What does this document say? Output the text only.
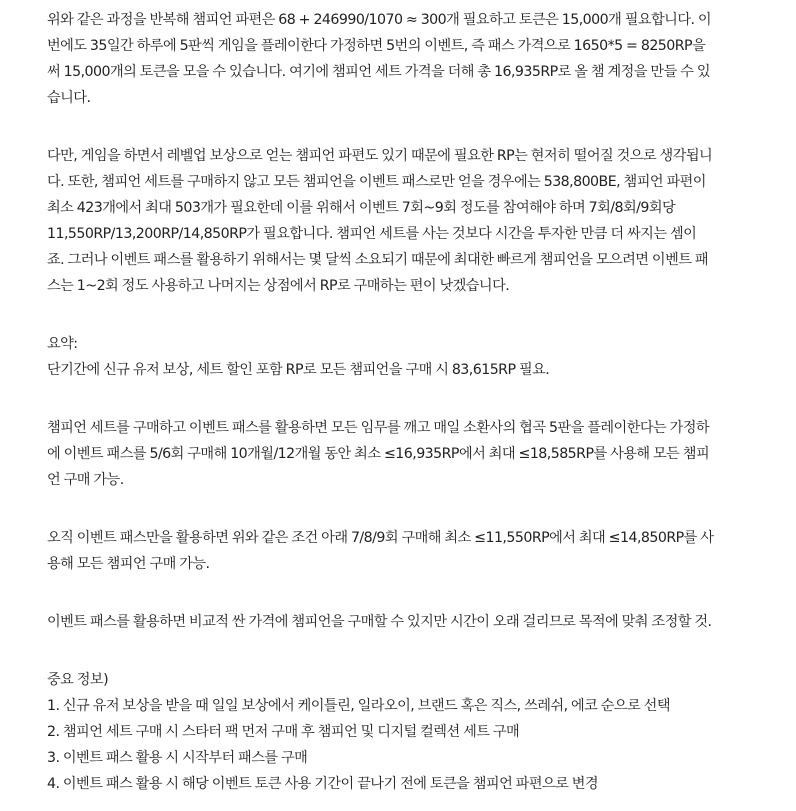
위와 같은 과정을 반복해 챔피언 파편은 68 + 246990/1070 ≈ 300개 필요하고 토큰은 15,000개 필요합니다. 이
번에도 35일간 하루에 5판씩 게임을 플레이한다 가정하면 5번의 이벤트, 즉 패스 가격으로 1650*5 = 8250RP을
써 15,000개의 토큰을 모을 수 있습니다. 여기에 챔피언 세트 가격을 더해 총 16,935RP로 올 챔 계정을 만들 수 있
습니다.

다만, 게임을 하면서 레벨업 보상으로 얻는 챔피언 파편도 있기 때문에 필요한 RP는 현저히 떨어질 것으로 생각됩니
다. 또한, 챔피언 세트를 구매하지 않고 모든 챔피언을 이벤트 패스로만 얻을 경우에는 538,800BE, 챔피언 파편이
최소 423개에서 최대 503개가 필요한데 이를 위해서 이벤트 7회~9회 정도를 참여해야 하며 7회/8회/9회당
11,550RP/13,200RP/14,850RP가 필요합니다. 챔피언 세트를 사는 것보다 시간을 투자한 만큼 더 싸지는 셈이
죠. 그러나 이벤트 패스를 활용하기 위해서는 몇 달씩 소요되기 때문에 최대한 빠르게 챔피언을 모으려면 이벤트 패
스는 1~2회 정도 사용하고 나머지는 상점에서 RP로 구매하는 편이 낫겠습니다.

요약:
단기간에 신규 유저 보상, 세트 할인 포함 RP로 모든 챔피언을 구매 시 83,615RP 필요.

챔피언 세트를 구매하고 이벤트 패스를 활용하면 모든 임무를 깨고 매일 소환사의 협곡 5판을 플레이한다는 가정하
에 이벤트 패스를 5/6회 구매해 10개월/12개월 동안 최소 ≤16,935RP에서 최대 ≤18,585RP를 사용해 모든 챔피
언 구매 가능.

오직 이벤트 패스만을 활용하면 위와 같은 조건 아래 7/8/9회 구매해 최소 ≤11,550RP에서 최대 ≤14,850RP를 사
용해 모든 챔피언 구매 가능.

이벤트 패스를 활용하면 비교적 싼 가격에 챔피언을 구매할 수 있지만 시간이 오래 걸리므로 목적에 맞춰 조정할 것.

중요 정보)
1. 신규 유저 보상을 받을 때 일일 보상에서 케이틀린, 일라오이, 브랜드 혹은 직스, 쓰레쉬, 에코 순으로 선택
2. 챔피언 세트 구매 시 스타터 팩 먼저 구매 후 챔피언 및 디지털 컬렉션 세트 구매
3. 이벤트 패스 활용 시 시작부터 패스를 구매
4. 이벤트 패스 활용 시 해당 이벤트 토큰 사용 기간이 끝나기 전에 토큰을 챔피언 파편으로 변경
